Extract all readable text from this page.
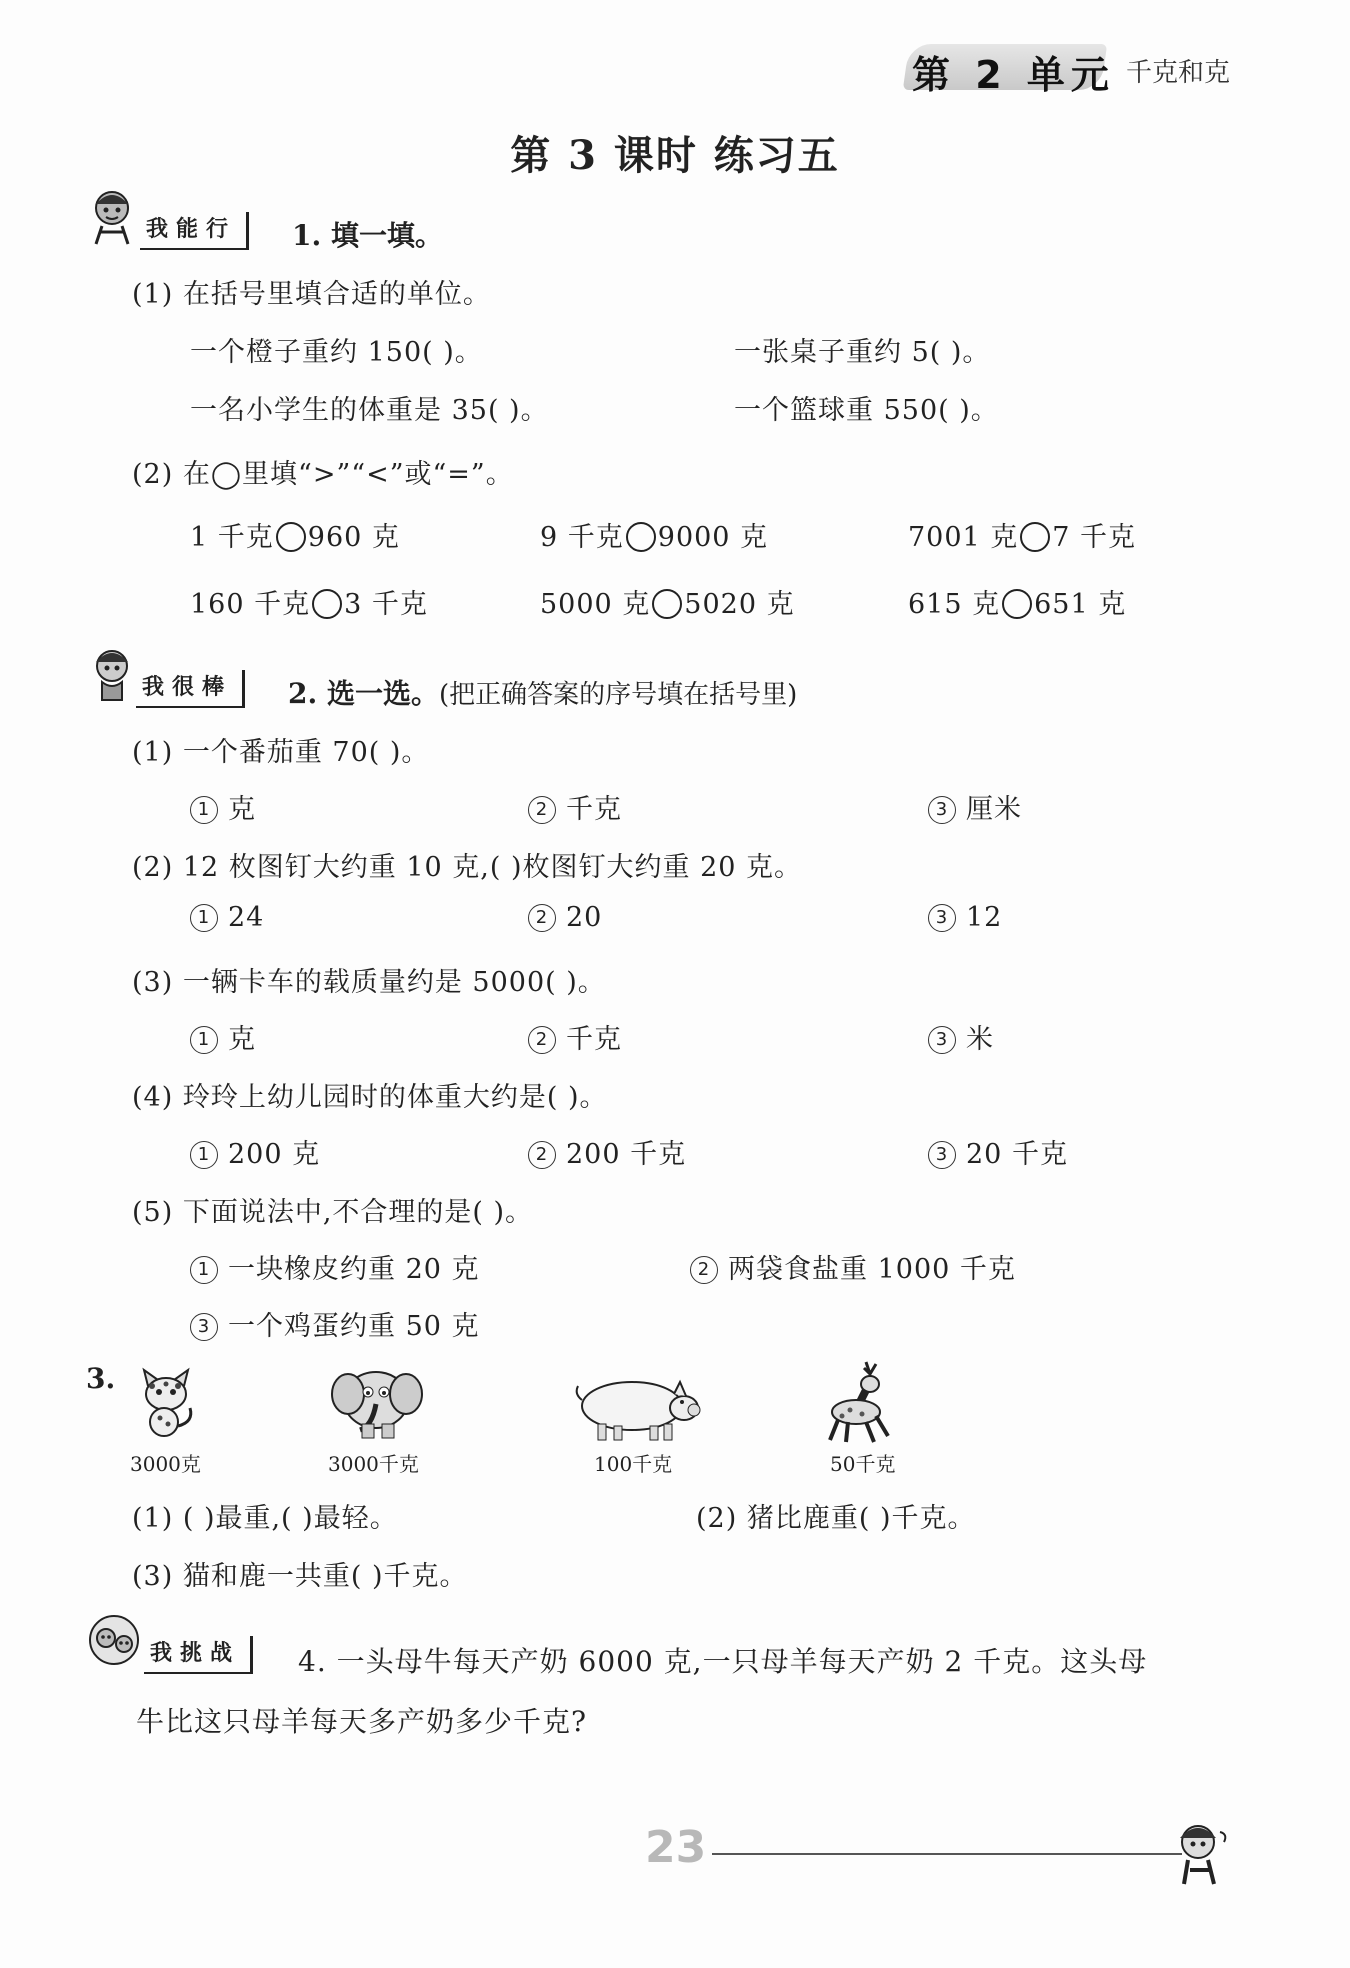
第 2 单元 千克和克
第 3 课时 练习五
我能行	1. 填一填。
(1) 在括号里填合适的单位。
一个橙子重约 150( )。	一张桌子重约 5( )。
一名小学生的体重是 35( )。	一个篮球重 550( )。
(2) 在◯里填“>”“<”或“=”。
1 千克 960 克	9 千克 9000 克	7001 克 7 千克
160 千克 3 千克	5000 克 5020 克	615 克 651 克
我很棒	2. 选一选。(把正确答案的序号填在括号里)
(1) 一个番茄重 70( )。
1 克	2 千克	3 厘米
(2) 12 枚图钉大约重 10 克,( )枚图钉大约重 20 克。
1 24	2 20	3 12
(3) 一辆卡车的载质量约是 5000( )。
1 克	2 千克	3 米
(4) 玲玲上幼儿园时的体重大约是( )。
1 200 克	2 200 千克	3 20 千克
(5) 下面说法中,不合理的是( )。
1 一块橡皮约重 20 克	2 两袋食盐重 1000 千克
3 一个鸡蛋约重 50 克
3.
3000克	3000千克	100千克	50千克
(1) ( )最重,( )最轻。	(2) 猪比鹿重( )千克。
(3) 猫和鹿一共重( )千克。
我挑战	4. 一头母牛每天产奶 6000 克,一只母羊每天产奶 2 千克。这头母
牛比这只母羊每天多产奶多少千克?
23
